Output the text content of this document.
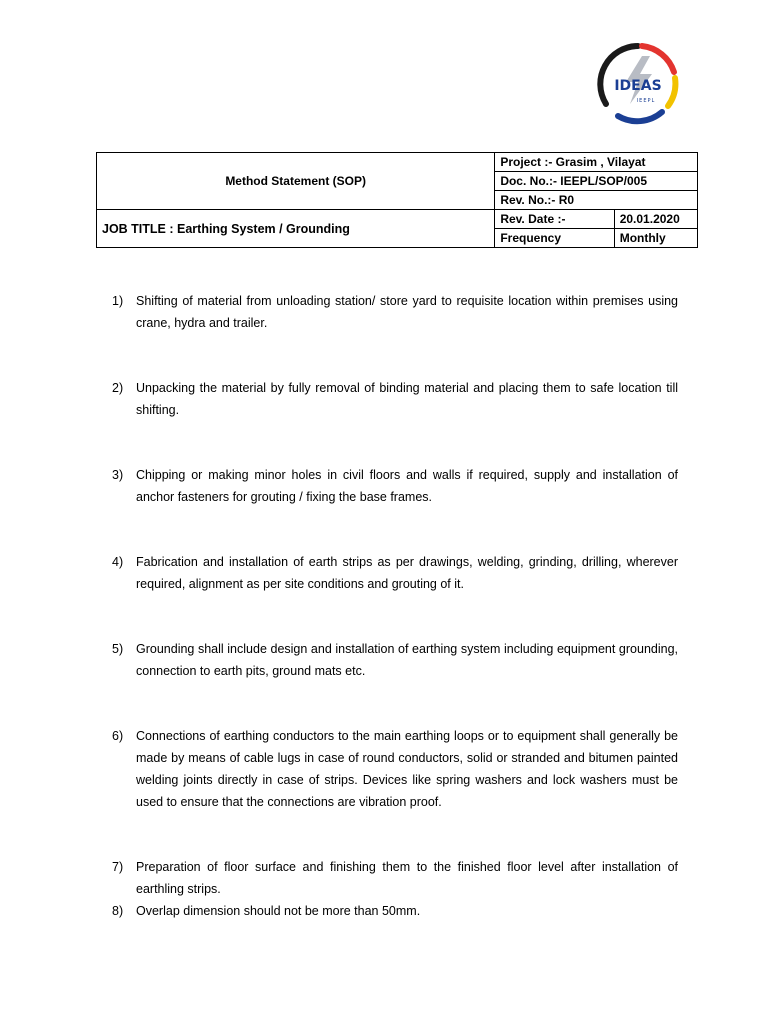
IDEAS
IEEPL
Method Statement (SOP)	Project :- Grasim , Vilayat	
	Doc. No.:- IEEPL/SOP/005	
	Rev. No.:- R0	
JOB TITLE : Earthing System / Grounding	Rev. Date :-	20.01.2020
	Frequency	Monthly
1) Shifting of material from unloading station/ store yard to requisite location within premises using crane, hydra and trailer.
2) Unpacking the material by fully removal of binding material and placing them to safe location till shifting.
3) Chipping or making minor holes in civil floors and walls if required, supply and installation of anchor fasteners for grouting / fixing the base frames.
4) Fabrication and installation of earth strips as per drawings, welding, grinding, drilling, wherever required, alignment as per site conditions and grouting of it.
5) Grounding shall include design and installation of earthing system including equipment grounding, connection to earth pits, ground mats etc.
6) Connections of earthing conductors to the main earthing loops or to equipment shall generally be made by means of cable lugs in case of round conductors, solid or stranded and bitumen painted welding joints directly in case of strips. Devices like spring washers and lock washers must be used to ensure that the connections are vibration proof.
7) Preparation of floor surface and finishing them to the finished floor level after installation of earthling strips.
8) Overlap dimension should not be more than 50mm.
